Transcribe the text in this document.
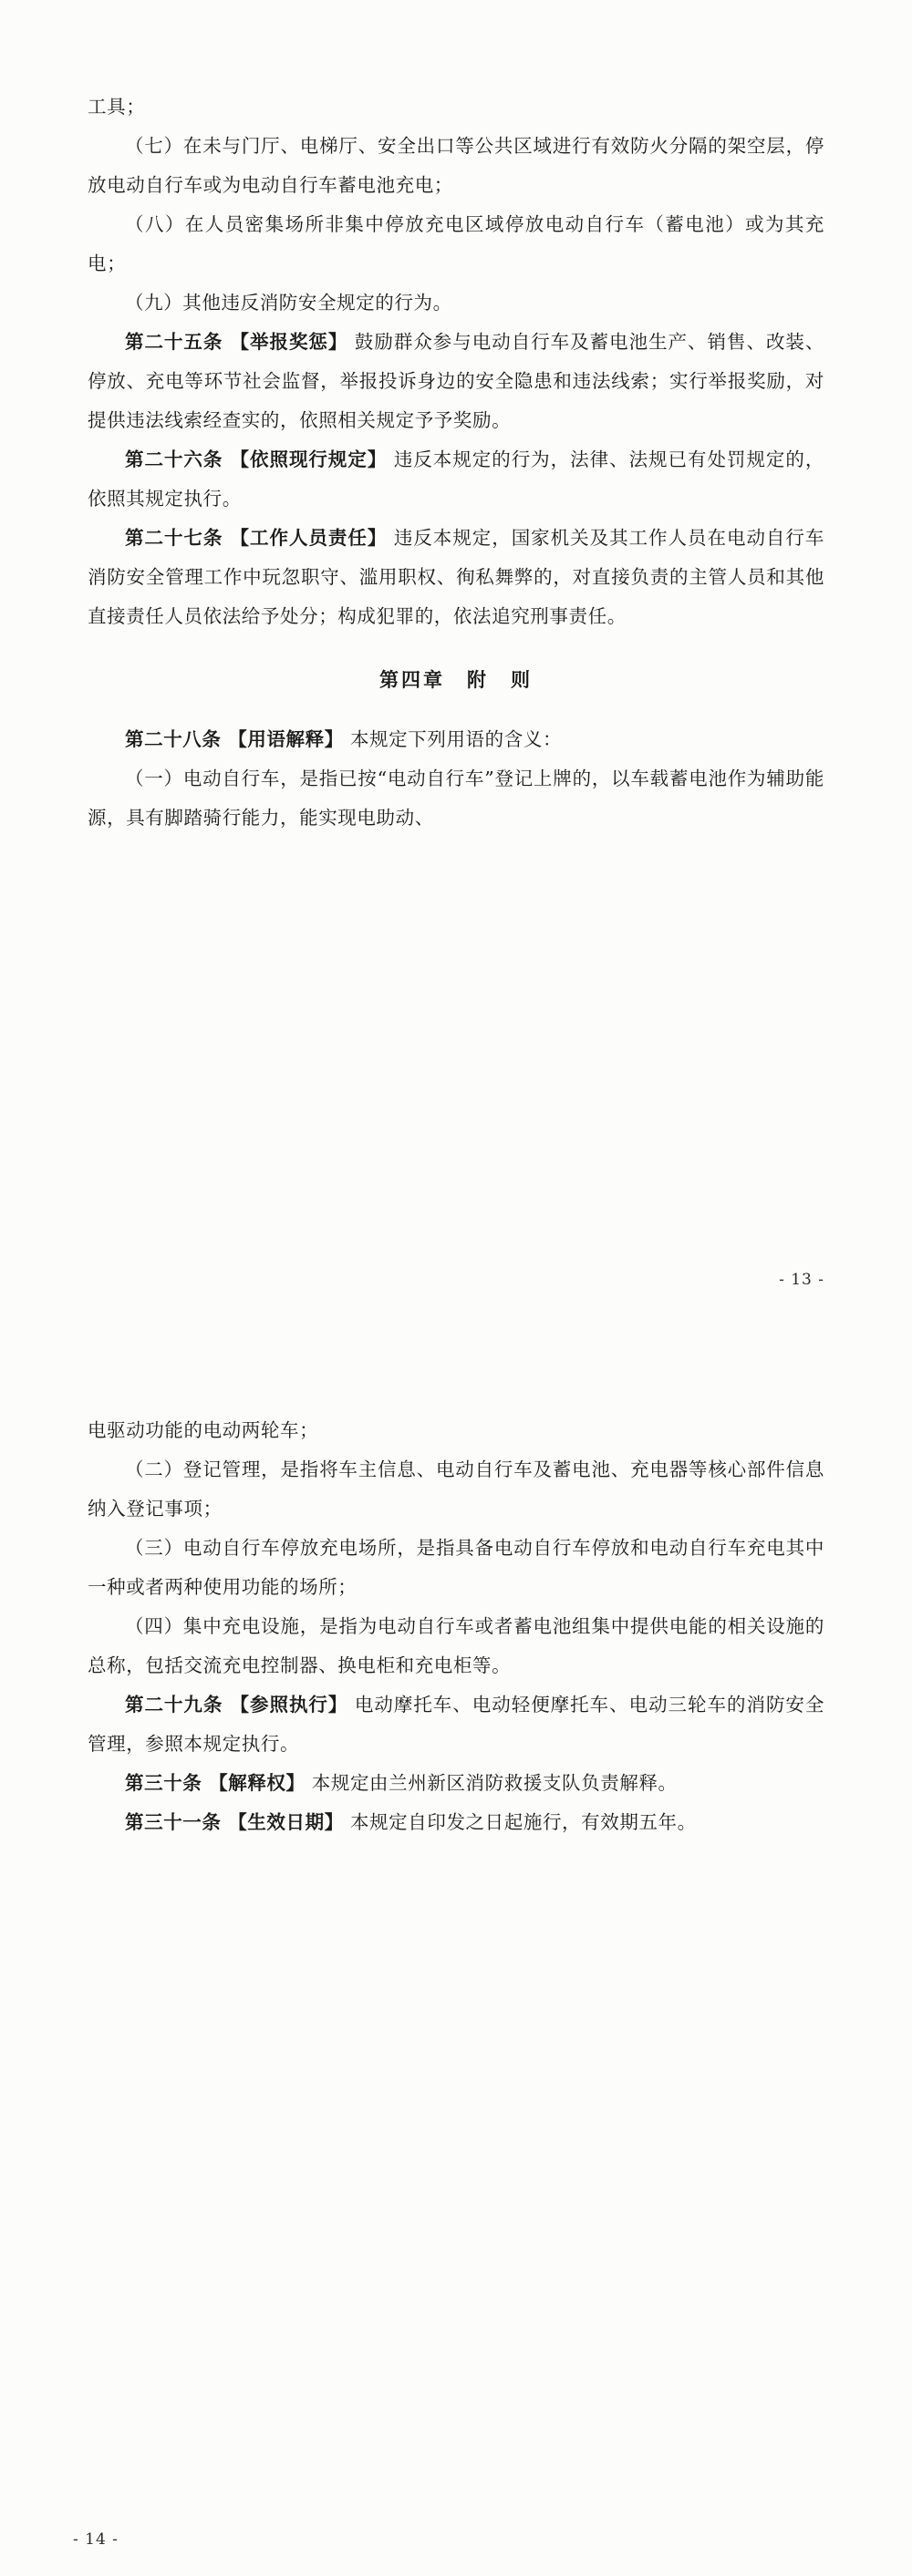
工具；

（七）在未与门厅、电梯厅、安全出口等公共区域进行有效防火分隔的架空层，停放电动自行车或为电动自行车蓄电池充电；

（八）在人员密集场所非集中停放充电区域停放电动自行车（蓄电池）或为其充电；

（九）其他违反消防安全规定的行为。

第二十五条 【举报奖惩】 鼓励群众参与电动自行车及蓄电池生产、销售、改装、停放、充电等环节社会监督，举报投诉身边的安全隐患和违法线索；实行举报奖励，对提供违法线索经查实的，依照相关规定予予奖励。

第二十六条 【依照现行规定】 违反本规定的行为，法律、法规已有处罚规定的，依照其规定执行。

第二十七条 【工作人员责任】 违反本规定，国家机关及其工作人员在电动自行车消防安全管理工作中玩忽职守、滥用职权、徇私舞弊的，对直接负责的主管人员和其他直接责任人员依法给予处分；构成犯罪的，依法追究刑事责任。

第四章　附　则

第二十八条 【用语解释】 本规定下列用语的含义：

（一）电动自行车，是指已按“电动自行车”登记上牌的，以车载蓄电池作为辅助能源，具有脚踏骑行能力，能实现电助动、

- 13 -

电驱动功能的电动两轮车；

（二）登记管理，是指将车主信息、电动自行车及蓄电池、充电器等核心部件信息纳入登记事项；

（三）电动自行车停放充电场所，是指具备电动自行车停放和电动自行车充电其中一种或者两种使用功能的场所；

（四）集中充电设施，是指为电动自行车或者蓄电池组集中提供电能的相关设施的总称，包括交流充电控制器、换电柜和充电柜等。

第二十九条 【参照执行】 电动摩托车、电动轻便摩托车、电动三轮车的消防安全管理，参照本规定执行。

第三十条 【解释权】 本规定由兰州新区消防救援支队负责解释。

第三十一条 【生效日期】 本规定自印发之日起施行，有效期五年。

- 14 -
